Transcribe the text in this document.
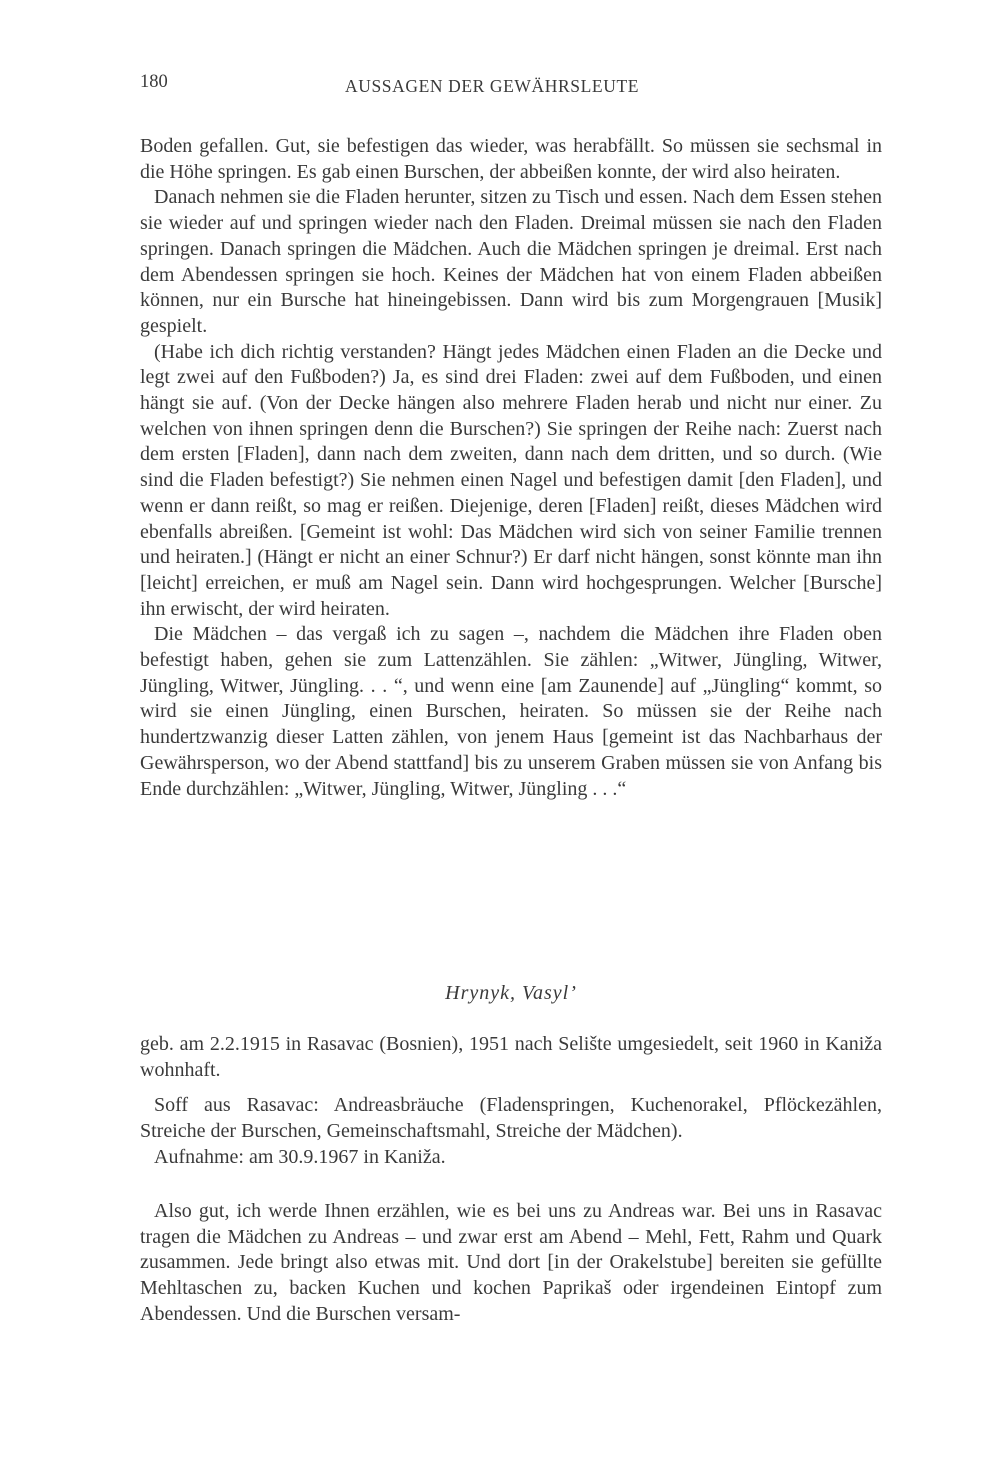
180	AUSSAGEN DER GEWÄHRSLEUTE

Boden gefallen. Gut, sie befestigen das wieder, was herabfällt. So müssen sie sechsmal in die Höhe springen. Es gab einen Burschen, der abbeißen konnte, der wird also heiraten.

Danach nehmen sie die Fladen herunter, sitzen zu Tisch und essen. Nach dem Essen stehen sie wieder auf und springen wieder nach den Fladen. Dreimal müssen sie nach den Fladen springen. Danach springen die Mädchen. Auch die Mädchen springen je dreimal. Erst nach dem Abendessen springen sie hoch. Keines der Mädchen hat von einem Fladen abbeißen können, nur ein Bursche hat hineingebissen. Dann wird bis zum Morgengrauen [Musik] gespielt.

(Habe ich dich richtig verstanden? Hängt jedes Mädchen einen Fladen an die Decke und legt zwei auf den Fußboden?) Ja, es sind drei Fladen: zwei auf dem Fußboden, und einen hängt sie auf. (Von der Decke hängen also mehrere Fladen herab und nicht nur einer. Zu welchen von ihnen springen denn die Burschen?) Sie springen der Reihe nach: Zuerst nach dem ersten [Fladen], dann nach dem zweiten, dann nach dem dritten, und so durch. (Wie sind die Fladen befestigt?) Sie nehmen einen Nagel und befestigen damit [den Fladen], und wenn er dann reißt, so mag er reißen. Diejenige, deren [Fladen] reißt, dieses Mädchen wird ebenfalls abreißen. [Gemeint ist wohl: Das Mädchen wird sich von seiner Familie trennen und heiraten.] (Hängt er nicht an einer Schnur?) Er darf nicht hängen, sonst könnte man ihn [leicht] erreichen, er muß am Nagel sein. Dann wird hochgesprungen. Welcher [Bursche] ihn erwischt, der wird heiraten.

Die Mädchen – das vergaß ich zu sagen –, nachdem die Mädchen ihre Fladen oben befestigt haben, gehen sie zum Lattenzählen. Sie zählen: „Witwer, Jüngling, Witwer, Jüngling, Witwer, Jüngling. . . “, und wenn eine [am Zaunende] auf „Jüngling“ kommt, so wird sie einen Jüngling, einen Burschen, heiraten. So müssen sie der Reihe nach hundertzwanzig dieser Latten zählen, von jenem Haus [gemeint ist das Nachbarhaus der Gewährsperson, wo der Abend stattfand] bis zu unserem Graben müssen sie von Anfang bis Ende durchzählen: „Witwer, Jüngling, Witwer, Jüngling . . .“

Hrynyk, Vasyl’

geb. am 2.2.1915 in Rasavac (Bosnien), 1951 nach Selište umgesiedelt, seit 1960 in Kaniža wohnhaft.

Soff aus Rasavac: Andreasbräuche (Fladenspringen, Kuchenorakel, Pflöckezählen, Streiche der Burschen, Gemeinschaftsmahl, Streiche der Mädchen).

Aufnahme: am 30.9.1967 in Kaniža.

Also gut, ich werde Ihnen erzählen, wie es bei uns zu Andreas war. Bei uns in Rasavac tragen die Mädchen zu Andreas – und zwar erst am Abend – Mehl, Fett, Rahm und Quark zusammen. Jede bringt also etwas mit. Und dort [in der Orakelstube] bereiten sie gefüllte Mehltaschen zu, backen Kuchen und kochen Paprikaš oder irgendeinen Eintopf zum Abendessen. Und die Burschen versam-
